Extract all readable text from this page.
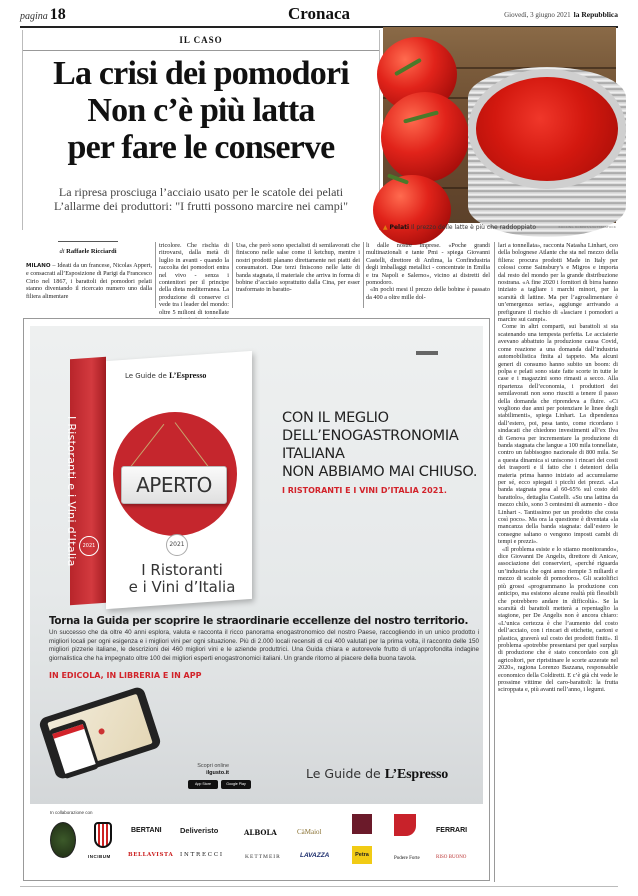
pagina 18	Cronaca	Giovedì, 3 giugno 2021 la Repubblica
IL CASO
La crisi dei pomodori
Non c’è più latta
per fare le conserve
La ripresa prosciuga l’acciaio usato per le scatole dei pelati
L’allarme dei produttori: "I frutti possono marcire nei campi"
▲ Pelati Il prezzo delle latte è più che raddoppiato	ROCKING ROBERT/SHUTTERSTOCK
di Raffaele Ricciardi

MILANO – Ideati da un francese, Nicolas Appert, e consacrati all’Esposizione di Parigi da Francesco Cirio nel 1867, i barattoli dei pomodori pelati stanno diventando il ricercato numero uno dalla filiera alimentare

tricolore. Che rischia di ritrovarsi, dalla metà di luglio in avanti - quando la raccolta dei pomodori entra nel vivo - senza i contenitori per il principe della dieta mediterranea. La produzione di conserve ci vede tra i leader del mondo: oltre 5 milioni di tonnellate

Usa, che però sono specialisti di semilavorati che finiscono nelle salse come il ketchup, mentre i nostri prodotti planano direttamente nei piatti dei consumatori. Due terzi finiscono nelle latte di banda stagnata, il materiale che arriva in forma di bobine d’acciaio soprattutto dalla Cina, per esser trasformato in baratto-

li dalle nostre imprese. «Poche grandi multinazionali e tante Pmi - spiega Giovanni Castelli, direttore di Anfima, la Confindustria degli imballaggi metallici - concentrate in Emilia e tra Napoli e Salerno», vicino ai distretti del pomodoro.

«In pochi mesi il prezzo delle bobine è passato da 400 a oltre mille dol-

lari a tonnellata», racconta Natasha Linhart, ceo della bolognese Atlante che sta nel mezzo della filiera: procura prodotti Made in Italy per colossi come Sainsbury’s e Migros e importa dal resto del mondo per la grande distribuzione nostrana. «A fine 2020 i fornitori di birra hanno iniziato a tagliare i marchi minori, per la scarsità di lattine. Ma per l’agroalimentare è un’emergenza seria», aggiunge arrivando a prefigurare il rischio di «lasciare i pomodori a marcire sui campi».

Come in altri comparti, sui barattoli si sta scatenando una tempesta perfetta. Le acciaierie avevano abbattuto la produzione causa Covid, come reazione a una domanda dall’industria automobilistica finita al tappeto. Ma alcuni generi di consumo hanno subito un boom: di polpa e pelati sono state fatte scorte in tutte le case e i magazzini sono rimasti a secco. Alla ripartenza dell’economia, i produttori dei semilavorati non sono riusciti a tenere il passo della domanda che riprendeva a fluire. «Ci vogliono due anni per potenziare le linee degli stabilimenti», spiega Linhart. La dipendenza dall’estero, poi, pesa tanto, come ricordano i sindacati che chiedono investimenti all’ex Ilva di Genova per incrementare la produzione di banda stagnata che langue a 100 mila tonnellate, contro un fabbisogno nazionale di 800 mila. Se a questa dinamica si uniscono i rincari dei costi dei trasporti e il fatto che i detentori della materia prima hanno iniziato ad accumularne per sé, ecco spiegati i picchi dei prezzi. «La banda stagnata pesa al 60-65% sul costo del barattolo», dettaglia Castelli. «Su una lattina da mezzo chilo, sono 3 centesimi di aumento - dice Linhart -. Tantissimo per un prodotto che costa così poco». Ma ora la questione è diventata «la mancanza della banda stagnata: dall’estero le consegne saltano o vengono imposti cambi di tempi e prezzi».

«Il problema esiste e lo stiamo monitorando», dice Giovanni De Angelis, direttore di Anicav, associazione dei conservieri, «perché riguarda un’industria che ogni anno riempie 3 miliardi e mezzo di scatole di pomodoro». Gli scatolifici più grossi «programmano la produzione con anticipo, ma esistono alcune realtà più flessibili che potrebbero andare in difficoltà». Se la scarsità di barattoli metterà a repentaglio la stagione, per De Angelis non è ancora chiaro: «L’unica certezza è che l’aumento del costo dell’acciaio, con i rincari di etichette, cartoni e plastica, graverà sul costo dei prodotti finiti». Il problema «potrebbe presentarsi per quel surplus di produzione che è stato concordato con gli agricoltori, per ripristinare le scorte azzerate nel 2020», ragiona Lorenzo Bazzana, responsabile economico della Coldiretti. E c’è già chi vede le prossime vittime del caro-barattoli: la frutta sciroppata e, più avanti nell’anno, i legumi.

I Ristoranti e i Vini d’Italia 2021
Le Guide de L’Espresso
APERTO
2021
I Ristoranti
e i Vini d’Italia
CON IL MEGLIO
DELL’ENOGASTRONOMIA
ITALIANA
NON ABBIAMO MAI CHIUSO.
I RISTORANTI E I VINI D’ITALIA 2021.
Torna la Guida per scoprire le straordinarie eccellenze del nostro territorio.
Un successo che da oltre 40 anni esplora, valuta e racconta il ricco panorama enogastronomico del nostro Paese, raccogliendo in un unico prodotto i migliori locali per ogni esigenza e i migliori vini per ogni situazione. Più di 2.000 locali recensiti di cui 400 valutati per la prima volta, il racconto delle 150 migliori pizzerie italiane, le descrizioni dei 460 migliori vini e le aziende produttrici. Una Guida chiara e autorevole frutto di un’approfondita indagine giornalistica che ha impegnato oltre 100 dei migliori esperti enogastronomici italiani. Un grande ritorno al piacere della buona tavola.
IN EDICOLA, IN LIBRERIA E IN APP
Scopri online
ilgusto.it
App Store	Google Play
Le Guide de L’Espresso
In collaborazione con
INCIBUM
BERTANI Deliveristo	ALBOLA	CàMaiol	FERRARI
BELLAVISTA INTRECCI	KETTMEIR	LAVAZZA	Petra
Podere Forte	RISO BUONO
